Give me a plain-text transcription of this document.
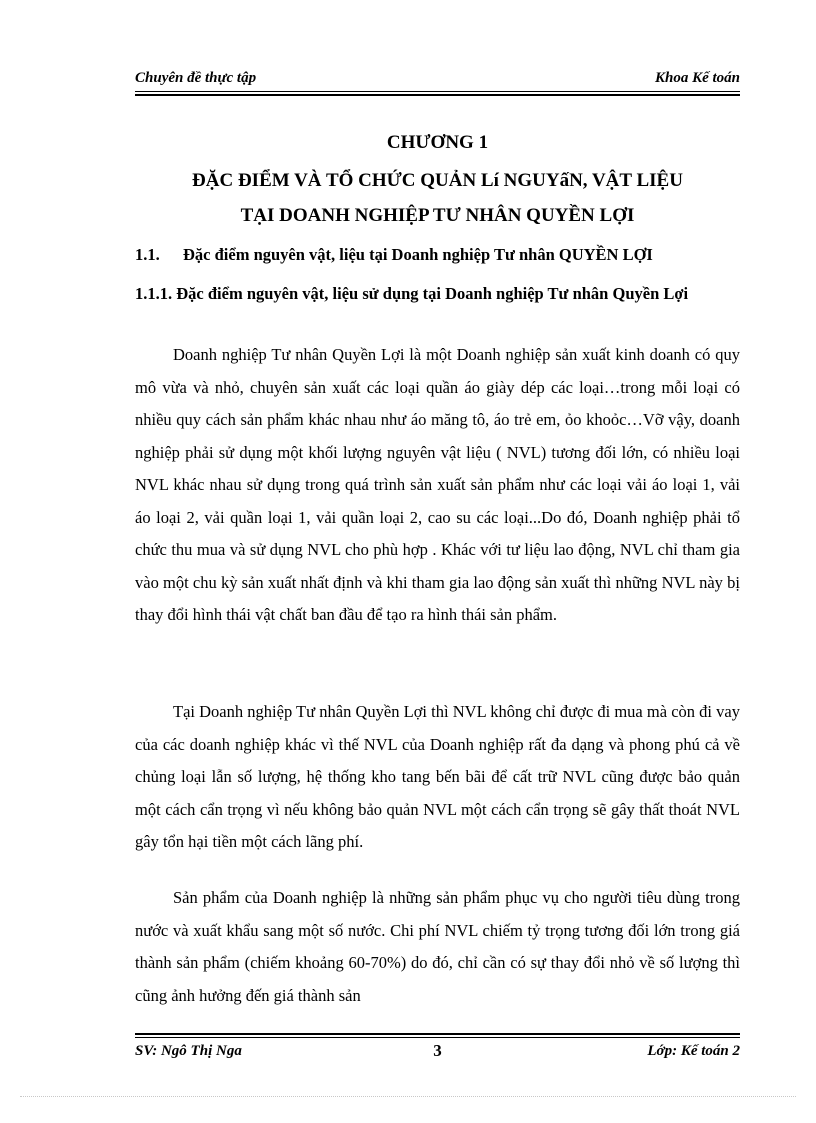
Chuyên đề thực tập	Khoa Kế toán
CHƯƠNG 1
ĐẶC ĐIỂM VÀ TỔ CHỨC QUẢN Lí NGUYấN, VẬT LIỆU
TẠI DOANH NGHIỆP TƯ NHÂN QUYỀN LỢI
1.1. Đặc điểm nguyên vật, liệu tại Doanh nghiệp Tư nhân QUYỀN LỢI
1.1.1. Đặc điểm nguyên vật, liệu sử dụng tại Doanh nghiệp Tư nhân Quyền Lợi

Doanh nghiệp Tư nhân Quyền Lợi là một Doanh nghiệp sản xuất kinh doanh có quy mô vừa và nhỏ, chuyên sản xuất các loại quần áo giày dép các loại…trong mỗi loại có nhiều quy cách sản phẩm khác nhau như áo măng tô, áo trẻ em, ỏo khoỏc…Vỡ vậy, doanh nghiệp phải sử dụng một khối lượng nguyên vật liệu ( NVL) tương đối lớn, có nhiều loại NVL khác nhau sử dụng trong quá trình sản xuất sản phẩm như các loại vải áo loại 1, vải áo loại 2, vải quần loại 1, vải quần loại 2, cao su các loại...Do đó, Doanh nghiệp phải tổ chức thu mua và sử dụng NVL cho phù hợp . Khác với tư liệu lao động, NVL chỉ tham gia vào một chu kỳ sản xuất nhất định và khi tham gia lao động sản xuất thì những NVL này bị thay đổi hình thái vật chất ban đầu để tạo ra hình thái sản phẩm.

Tại Doanh nghiệp Tư nhân Quyền Lợi thì NVL không chỉ được đi mua mà còn đi vay của các doanh nghiệp khác vì thế NVL của Doanh nghiệp rất đa dạng và phong phú cả về chủng loại lẫn số lượng, hệ thống kho tang bến bãi để cất trữ NVL cũng được bảo quản một cách cẩn trọng vì nếu không bảo quản NVL một cách cẩn trọng sẽ gây thất thoát NVL gây tổn hại tiền một cách lãng phí.

Sản phẩm của Doanh nghiệp là những sản phẩm phục vụ cho người tiêu dùng trong nước và xuất khẩu sang một số nước. Chi phí NVL chiếm tỷ trọng tương đối lớn trong giá thành sản phẩm (chiếm khoảng 60-70%) do đó, chỉ cần có sự thay đổi nhỏ về số lượng thì cũng ảnh hưởng đến giá thành sản

SV: Ngô Thị Nga	3	Lớp: Kế toán 2
